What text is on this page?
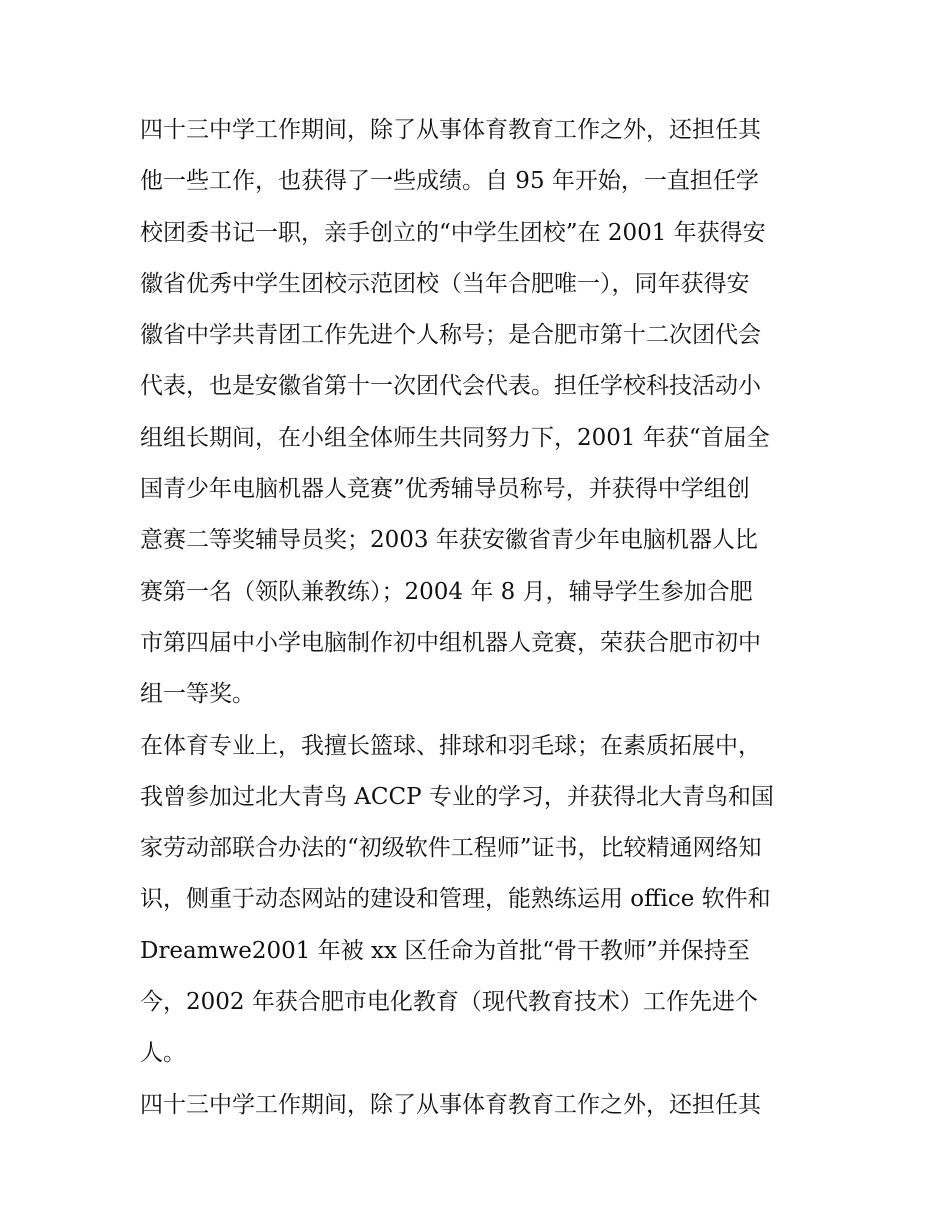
四十三中学工作期间，除了从事体育教育工作之外，还担任其
他一些工作，也获得了一些成绩。自 95 年开始，一直担任学
校团委书记一职，亲手创立的“中学生团校”在 2001 年获得安
徽省优秀中学生团校示范团校（当年合肥唯一），同年获得安
徽省中学共青团工作先进个人称号；是合肥市第十二次团代会
代表，也是安徽省第十一次团代会代表。担任学校科技活动小
组组长期间，在小组全体师生共同努力下，2001 年获“首届全
国青少年电脑机器人竞赛”优秀辅导员称号，并获得中学组创
意赛二等奖辅导员奖；2003 年获安徽省青少年电脑机器人比
赛第一名（领队兼教练）；2004 年 8 月，辅导学生参加合肥
市第四届中小学电脑制作初中组机器人竞赛，荣获合肥市初中
组一等奖。
在体育专业上，我擅长篮球、排球和羽毛球；在素质拓展中，
我曾参加过北大青鸟 ACCP 专业的学习，并获得北大青鸟和国
家劳动部联合办法的“初级软件工程师”证书，比较精通网络知
识，侧重于动态网站的建设和管理，能熟练运用 office 软件和
Dreamwe2001 年被 xx 区任命为首批“骨干教师”并保持至
今，2002 年获合肥市电化教育（现代教育技术）工作先进个
人。
四十三中学工作期间，除了从事体育教育工作之外，还担任其
